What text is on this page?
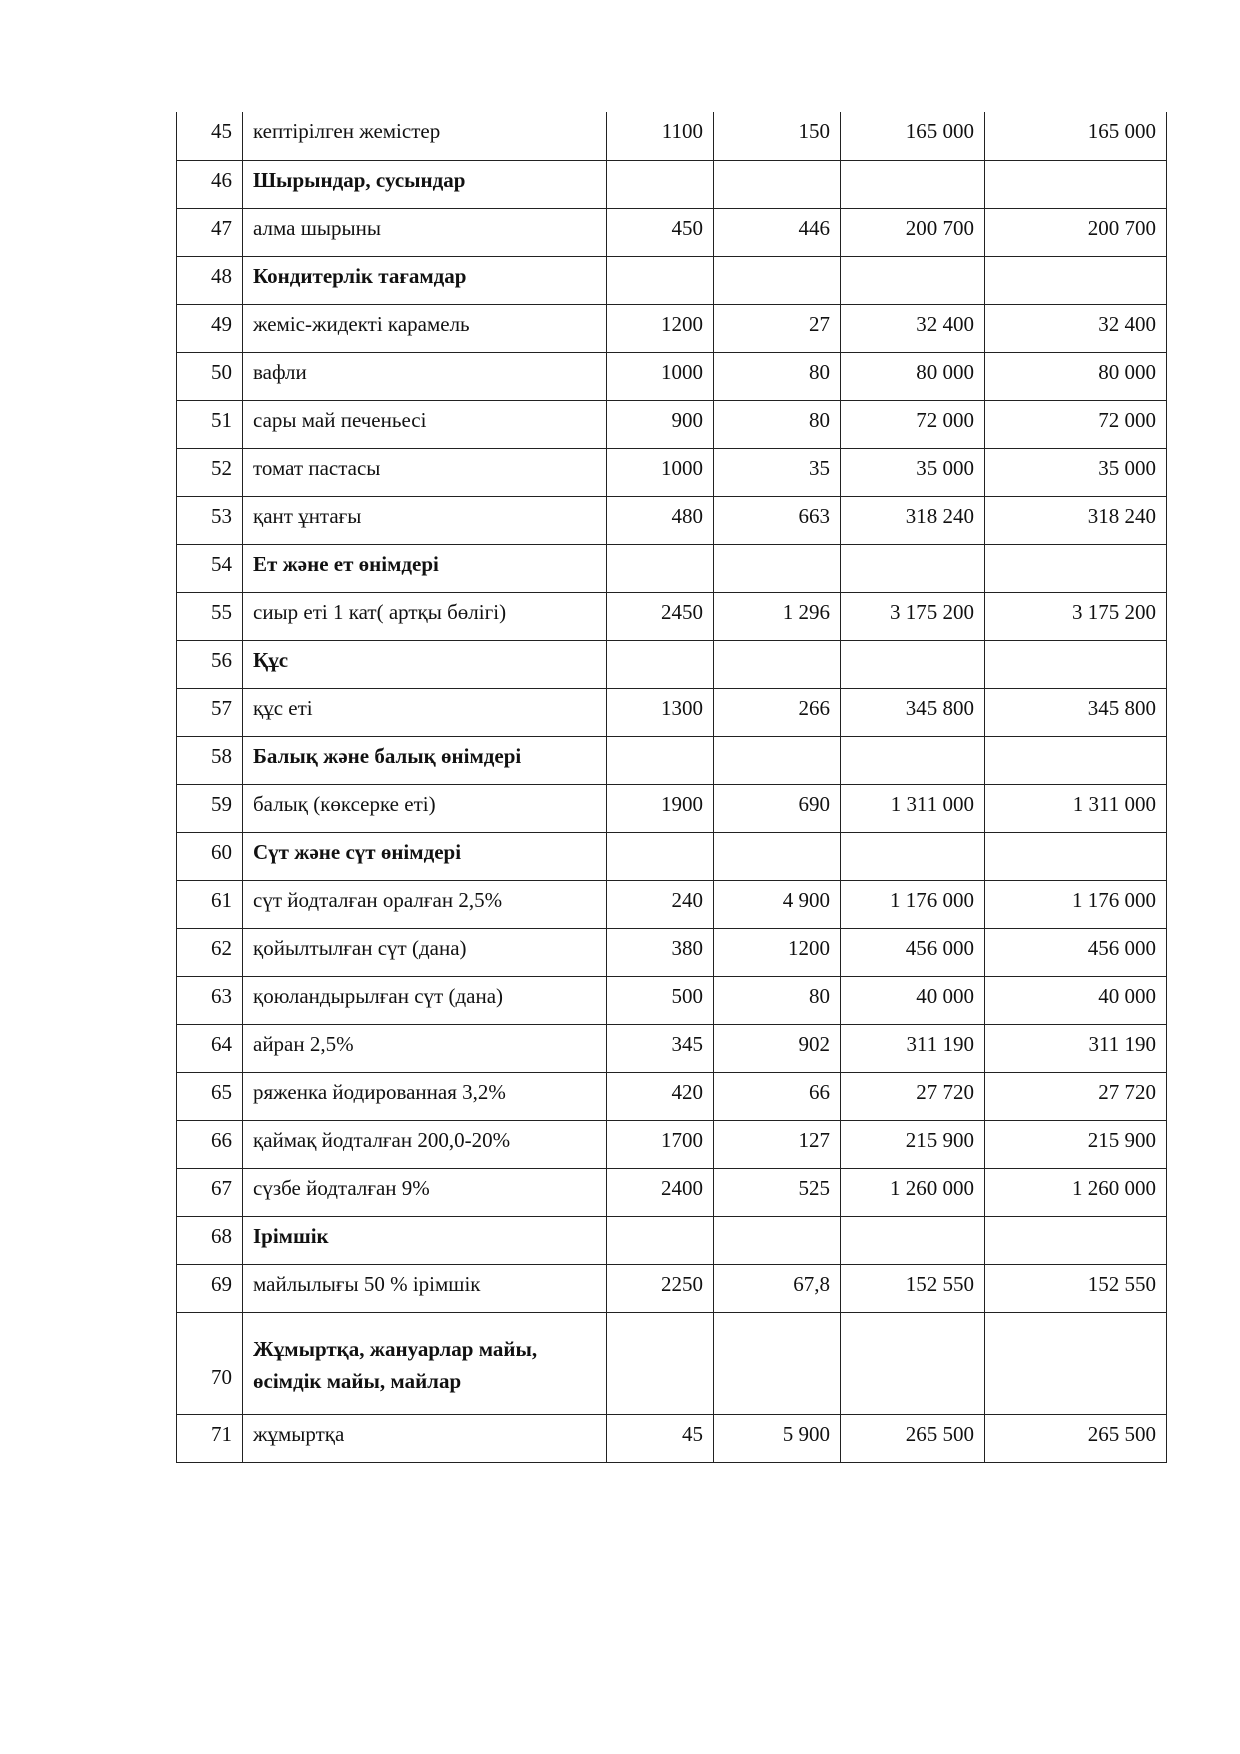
45	кептірілген жемістер	1100	150	165 000	165 000
46	Шырындар, сусындар				
47	алма шырыны	450	446	200 700	200 700
48	Кондитерлік тағамдар				
49	жеміс-жидекті карамель	1200	27	32 400	32 400
50	вафли	1000	80	80 000	80 000
51	сары май печеньесі	900	80	72 000	72 000
52	томат пастасы	1000	35	35 000	35 000
53	қант ұнтағы	480	663	318 240	318 240
54	Ет және ет өнімдері				
55	сиыр еті 1 кат( артқы бөлігі)	2450	1 296	3 175 200	3 175 200
56	Құс				
57	құс еті	1300	266	345 800	345 800
58	Балық және балық өнімдері				
59	балық (көксерке еті)	1900	690	1 311 000	1 311 000
60	Сүт және сүт өнімдері				
61	сүт йодталған оралған 2,5%	240	4 900	1 176 000	1 176 000
62	қойылтылған сүт (дана)	380	1200	456 000	456 000
63	қоюландырылған сүт (дана)	500	80	40 000	40 000
64	айран 2,5%	345	902	311 190	311 190
65	ряженка йодированная 3,2%	420	66	27 720	27 720
66	қаймақ йодталған 200,0-20%	1700	127	215 900	215 900
67	сүзбе йодталған 9%	2400	525	1 260 000	1 260 000
68	Ірімшік				
69	майлылығы 50 % ірімшік	2250	67,8	152 550	152 550
70	Жұмыртқа, жануарлар майы, өсімдік майы, майлар				
71	жұмыртқа	45	5 900	265 500	265 500
